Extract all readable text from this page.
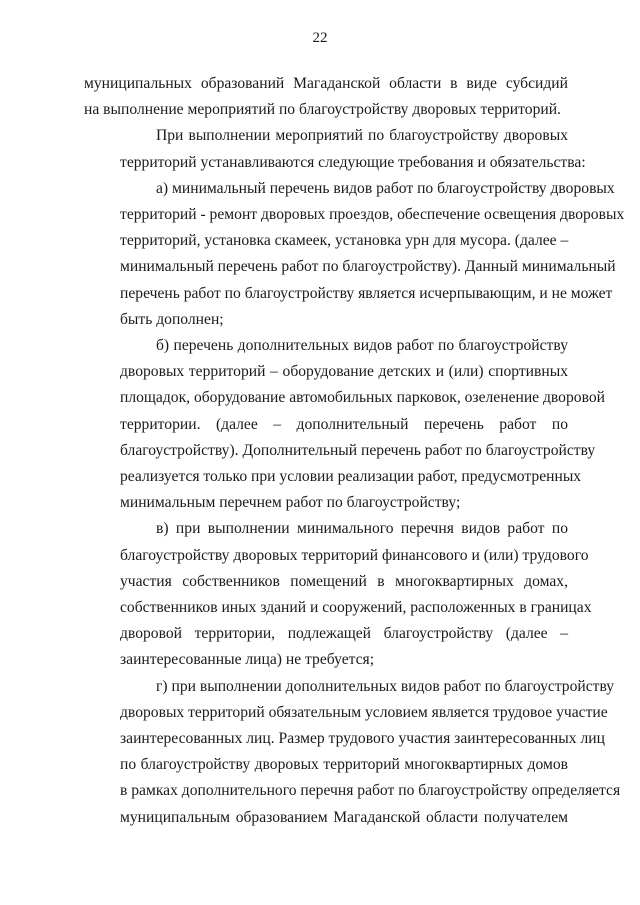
22
муниципальных образований Магаданской области в виде субсидий
на выполнение мероприятий по благоустройству дворовых территорий.
При выполнении мероприятий по благоустройству дворовых
территорий устанавливаются следующие требования и обязательства:
а) минимальный перечень видов работ по благоустройству дворовых
территорий - ремонт дворовых проездов, обеспечение освещения дворовых
территорий, установка скамеек, установка урн для мусора. (далее –
минимальный перечень работ по благоустройству). Данный минимальный
перечень работ по благоустройству является исчерпывающим, и не может
быть дополнен;
б) перечень дополнительных видов работ по благоустройству
дворовых территорий – оборудование детских и (или) спортивных
площадок, оборудование автомобильных парковок, озеленение дворовой
территории. (далее – дополнительный перечень работ по
благоустройству). Дополнительный перечень работ по благоустройству
реализуется только при условии реализации работ, предусмотренных
минимальным перечнем работ по благоустройству;
в) при выполнении минимального перечня видов работ по
благоустройству дворовых территорий финансового и (или) трудового
участия собственников помещений в многоквартирных домах,
собственников иных зданий и сооружений, расположенных в границах
дворовой территории, подлежащей благоустройству (далее –
заинтересованные лица) не требуется;
г) при выполнении дополнительных видов работ по благоустройству
дворовых территорий обязательным условием является трудовое участие
заинтересованных лиц. Размер трудового участия заинтересованных лиц
по благоустройству дворовых территорий многоквартирных домов
в рамках дополнительного перечня работ по благоустройству определяется
муниципальным образованием Магаданской области получателем
